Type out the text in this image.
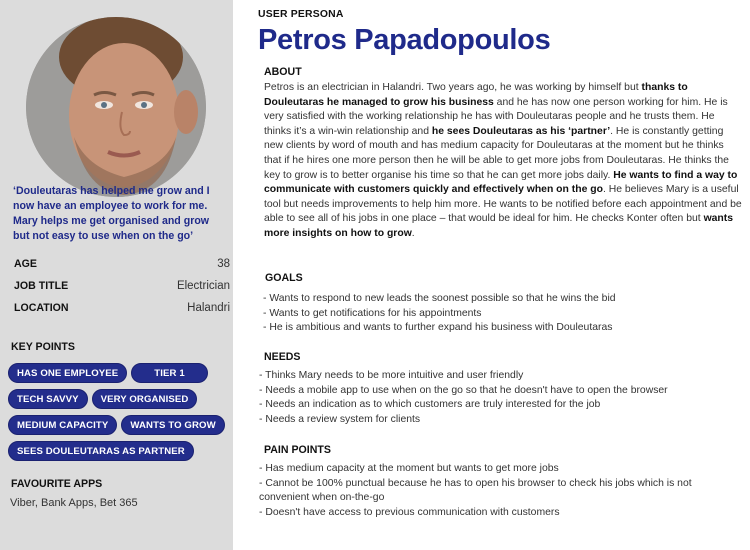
‘Douleutaras has helped me grow and I now have an employee to work for me. Mary helps me get organised and grow but not easy to use when on the go’
AGE	38
JOB TITLE	Electrician
LOCATION	Halandri
KEY POINTS
HAS ONE EMPLOYEE	TIER 1
TECH SAVVY	VERY ORGANISED
MEDIUM CAPACITY	WANTS TO GROW
SEES DOULEUTARAS AS PARTNER
FAVOURITE APPS
Viber, Bank Apps, Bet 365
USER PERSONA
Petros Papadopoulos
ABOUT
Petros is an electrician in Halandri. Two years ago, he was working by himself but thanks to Douleutaras he managed to grow his business and he has now one person working for him. He is very satisfied with the working relationship he has with Douleutaras people and he trusts them. He thinks it’s a win-win relationship and he sees Douleutaras as his ‘partner’. He is constantly getting new clients by word of mouth and has medium capacity for Douleutaras at the moment but he thinks that if he hires one more person then he will be able to get more jobs from Douleutaras. He thinks the key to grow is to better organise his time so that he can get more jobs daily. He wants to find a way to communicate with customers quickly and effectively when on the go. He believes Mary is a useful tool but needs improvements to help him more. He wants to be notified before each appointment and be able to see all of his jobs in one place – that would be ideal for him. He checks Konter often but wants more insights on how to grow.
GOALS
- Wants to respond to new leads the soonest possible so that he wins the bid
- Wants to get notifications for his appointments
- He is ambitious and wants to further expand his business with Douleutaras
NEEDS
- Thinks Mary needs to be more intuitive and user friendly
- Needs a mobile app to use when on the go so that he doesn't have to open the browser
- Needs an indication as to which customers are truly interested for the job
- Needs a review system for clients
PAIN POINTS
- Has medium capacity at the moment but wants to get more jobs
- Cannot be 100% punctual because he has to open his browser to check his jobs which is not convenient when on-the-go
- Doesn't have access to previous communication with customers
